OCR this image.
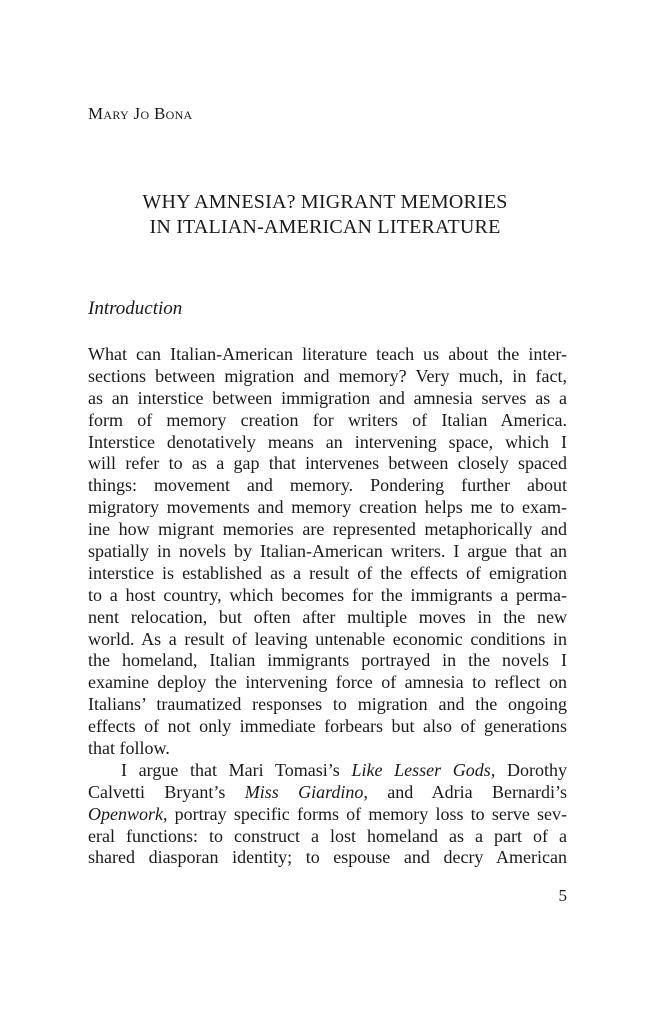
Mary Jo Bona
WHY AMNESIA? MIGRANT MEMORIES
IN ITALIAN-AMERICAN LITERATURE
Introduction
What can Italian-American literature teach us about the inter-
sections between migration and memory? Very much, in fact,
as an interstice between immigration and amnesia serves as a
form of memory creation for writers of Italian America.
Interstice denotatively means an intervening space, which I
will refer to as a gap that intervenes between closely spaced
things: movement and memory. Pondering further about
migratory movements and memory creation helps me to exam-
ine how migrant memories are represented metaphorically and
spatially in novels by Italian-American writers. I argue that an
interstice is established as a result of the effects of emigration
to a host country, which becomes for the immigrants a perma-
nent relocation, but often after multiple moves in the new
world. As a result of leaving untenable economic conditions in
the homeland, Italian immigrants portrayed in the novels I
examine deploy the intervening force of amnesia to reflect on
Italians’ traumatized responses to migration and the ongoing
effects of not only immediate forbears but also of generations
that follow.
I argue that Mari Tomasi’s Like Lesser Gods, Dorothy
Calvetti Bryant’s Miss Giardino, and Adria Bernardi’s
Openwork, portray specific forms of memory loss to serve sev-
eral functions: to construct a lost homeland as a part of a
shared diasporan identity; to espouse and decry American
5
